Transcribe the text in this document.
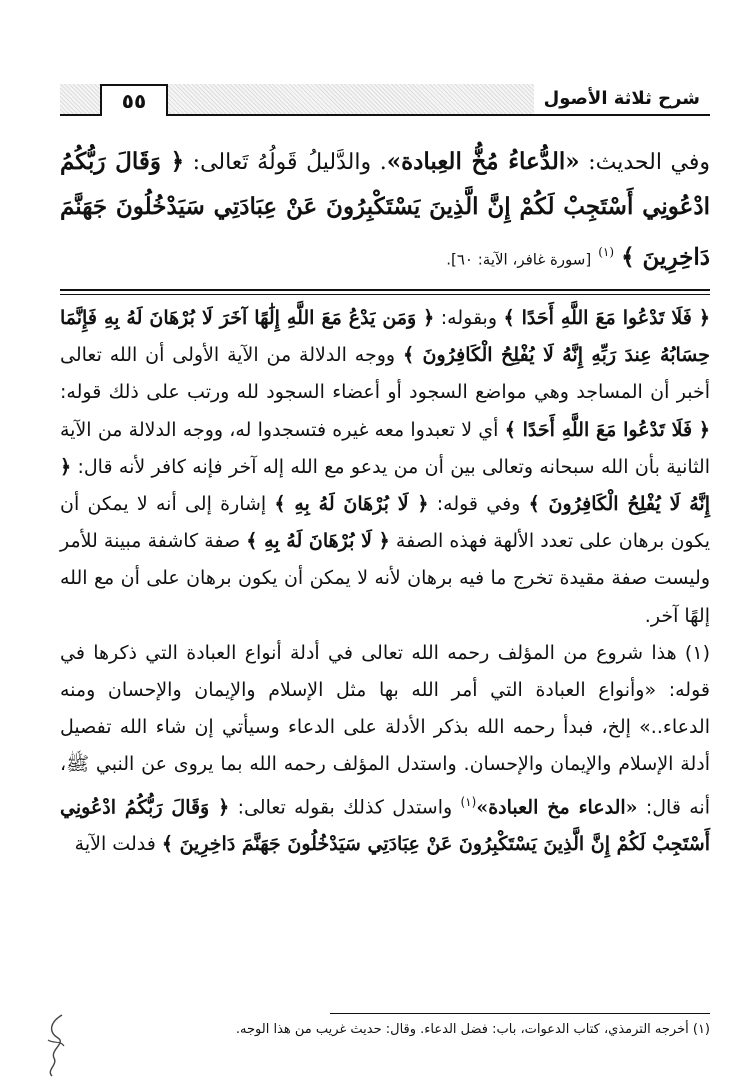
شرح ثلاثة الأصول
٥٥

وفي الحديث: «الدُّعاءُ مُخُّ العِبادة». والدَّليلُ قَولُهُ تَعالى: ﴿ وَقَالَ رَبُّكُمُ ادْعُونِي أَسْتَجِبْ لَكُمْ إِنَّ الَّذِينَ يَسْتَكْبِرُونَ عَنْ عِبَادَتِي سَيَدْخُلُونَ جَهَنَّمَ دَاخِرِينَ ﴾ $^{(١)}$ [سورة غافر، الآية: ٦٠].

﴿ فَلَا تَدْعُوا مَعَ اللَّهِ أَحَدًا ﴾ وبقوله: ﴿ وَمَن يَدْعُ مَعَ اللَّهِ إِلَٰهًا آخَرَ لَا بُرْهَانَ لَهُ بِهِ فَإِنَّمَا حِسَابُهُ عِندَ رَبِّهِ إِنَّهُ لَا يُفْلِحُ الْكَافِرُونَ ﴾ ووجه الدلالة من الآية الأولى أن الله تعالى أخبر أن المساجد وهي مواضع السجود أو أعضاء السجود لله ورتب على ذلك قوله: ﴿ فَلَا تَدْعُوا مَعَ اللَّهِ أَحَدًا ﴾ أي لا تعبدوا معه غيره فتسجدوا له، ووجه الدلالة من الآية الثانية بأن الله سبحانه وتعالى بين أن من يدعو مع الله إله آخر فإنه كافر لأنه قال: ﴿ إِنَّهُ لَا يُفْلِحُ الْكَافِرُونَ ﴾ وفي قوله: ﴿ لَا بُرْهَانَ لَهُ بِهِ ﴾ إشارة إلى أنه لا يمكن أن يكون برهان على تعدد الألهة فهذه الصفة ﴿ لَا بُرْهَانَ لَهُ بِهِ ﴾ صفة كاشفة مبينة للأمر وليست صفة مقيدة تخرج ما فيه برهان لأنه لا يمكن أن يكون برهان على أن مع الله إلهًا آخر.

(١) هذا شروع من المؤلف رحمه الله تعالى في أدلة أنواع العبادة التي ذكرها في قوله: «وأنواع العبادة التي أمر الله بها مثل الإسلام والإيمان والإحسان ومنه الدعاء..» إلخ، فبدأ رحمه الله بذكر الأدلة على الدعاء وسيأتي إن شاء الله تفصيل أدلة الإسلام والإيمان والإحسان. واستدل المؤلف رحمه الله بما يروى عن النبي ﷺ، أنه قال: «الدعاء مخ العبادة»$^{(١)}$ واستدل كذلك بقوله تعالى: ﴿ وَقَالَ رَبُّكُمُ ادْعُونِي أَسْتَجِبْ لَكُمْ إِنَّ الَّذِينَ يَسْتَكْبِرُونَ عَنْ عِبَادَتِي سَيَدْخُلُونَ جَهَنَّمَ دَاخِرِينَ ﴾ فدلت الآية

(١) أخرجه الترمذي، كتاب الدعوات، باب: فضل الدعاء. وقال: حديث غريب من هذا الوجه.
